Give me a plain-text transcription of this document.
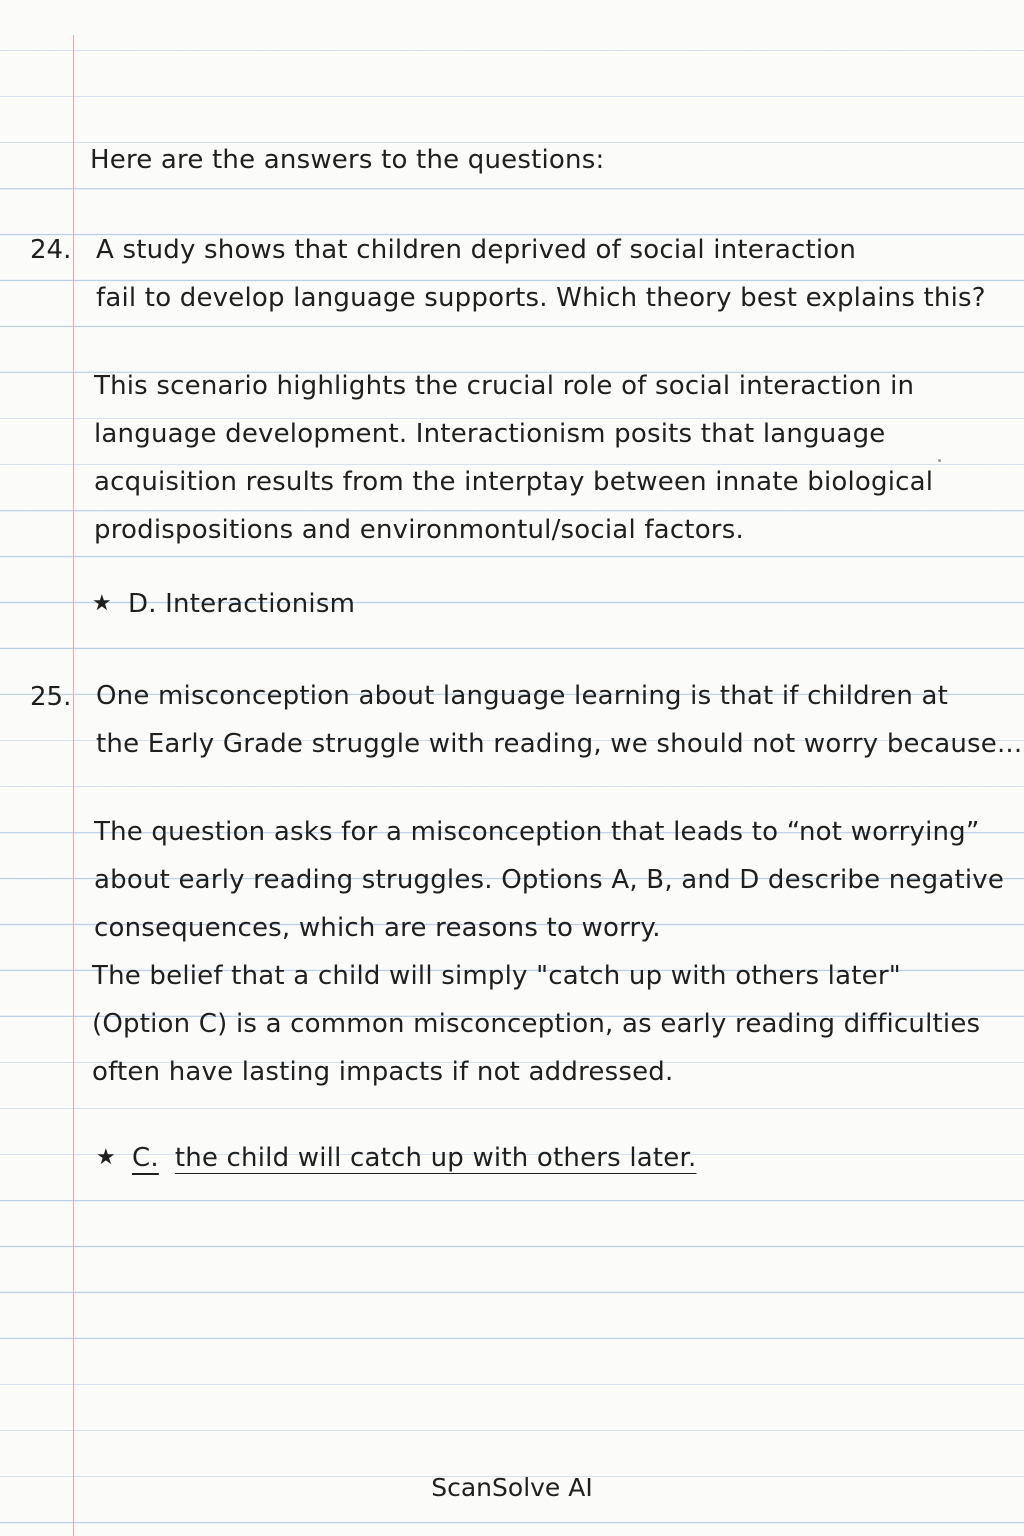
Here are the answers to the questions:

24. A study shows that children deprived of social interaction
fail to develop language supports. Which theory best explains this?
This scenario highlights the crucial role of social interaction in
language development. Interactionism posits that language
acquisition results from the interptay between innate biological
prodispositions and environmontul/social factors.
★ D. Interactionism
25. One misconception about language learning is that if children at
the Early Grade struggle with reading, we should not worry because...
The question asks for a misconception that leads to “not worrying”
about early reading struggles. Options A, B, and D describe negative
consequences, which are reasons to worry.
The belief that a child will simply "catch up with others later"
(Option C) is a common misconception, as early reading difficulties
often have lasting impacts if not addressed.
★ C. the child will catch up with others later.
ScanSolve AI
